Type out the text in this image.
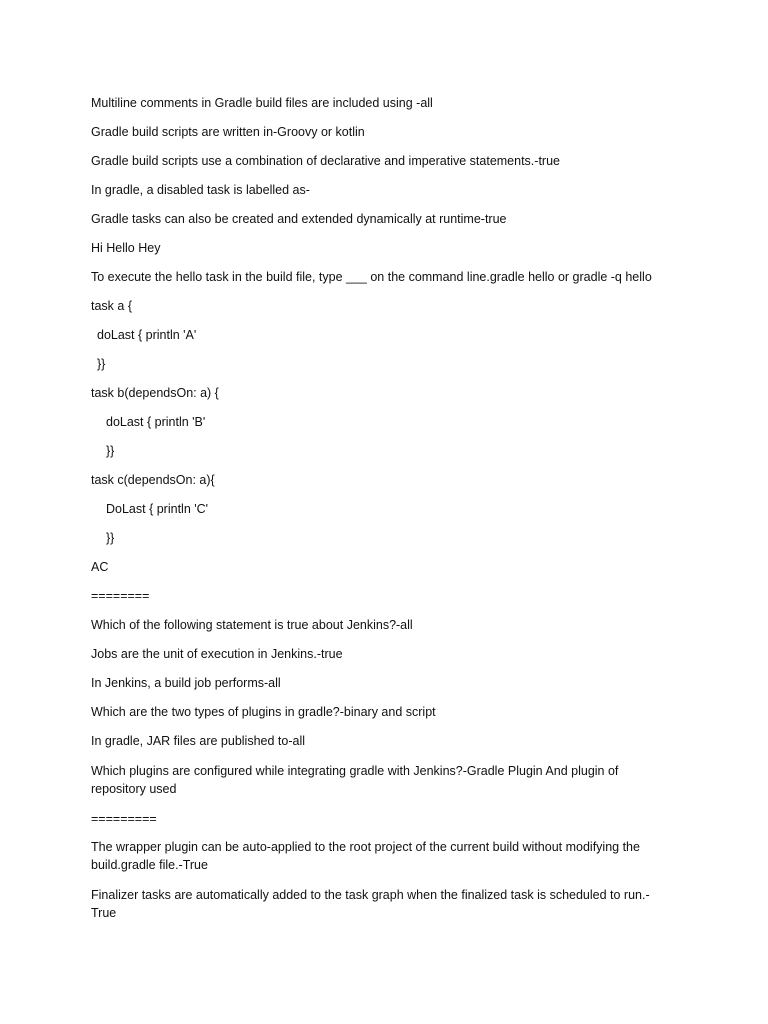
Multiline comments in Gradle build files are included using -all
Gradle build scripts are written in-Groovy or kotlin
Gradle build scripts use a combination of declarative and imperative statements.-true
In gradle, a disabled task is labelled as-
Gradle tasks can also be created and extended dynamically at runtime-true
Hi Hello Hey
To execute the hello task in the build file, type ___ on the command line.gradle hello or gradle -q hello
task a {
doLast { println 'A'
}}
task b(dependsOn: a) {
doLast { println 'B'
}}
task c(dependsOn: a){
DoLast { println 'C'
}}
AC
========
Which of the following statement is true about Jenkins?-all
Jobs are the unit of execution in Jenkins.-true
In Jenkins, a build job performs-all
Which are the two types of plugins in gradle?-binary and script
In gradle, JAR files are published to-all
Which plugins are configured while integrating gradle with Jenkins?-Gradle Plugin And plugin of repository used
=========
The wrapper plugin can be auto-applied to the root project of the current build without modifying the build.gradle file.-True
Finalizer tasks are automatically added to the task graph when the finalized task is scheduled to run.-True
